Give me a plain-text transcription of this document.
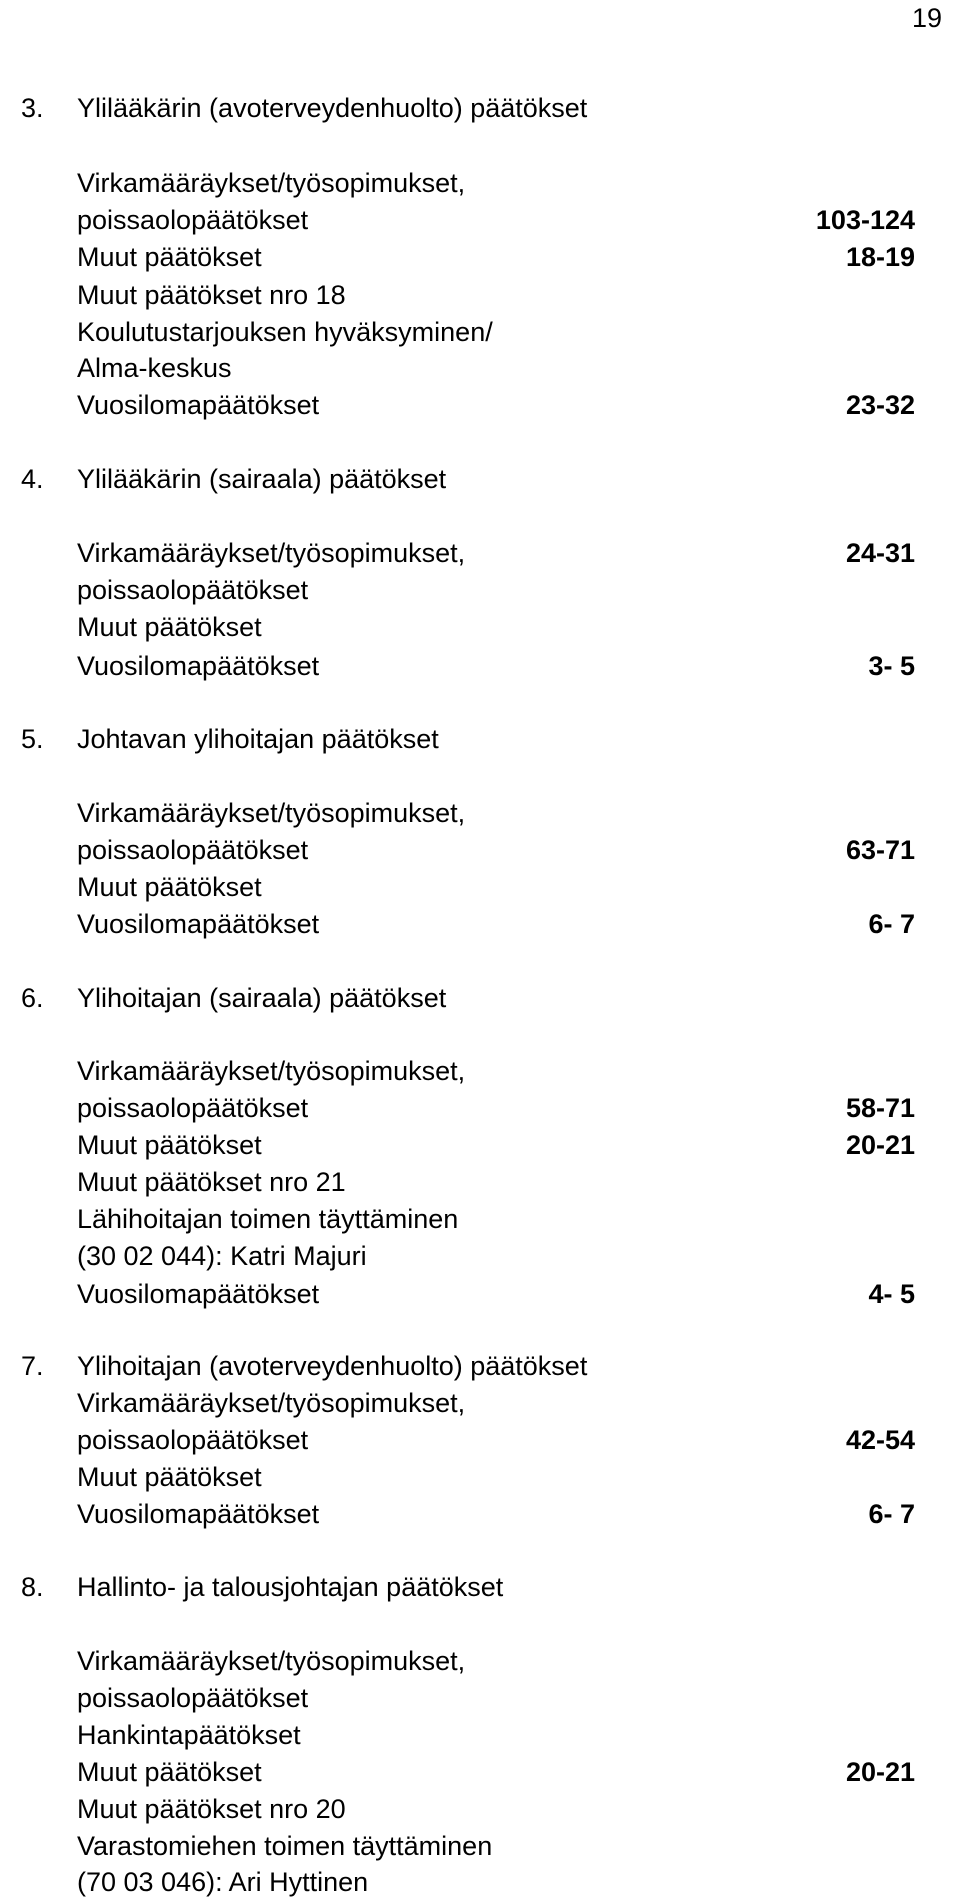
19
3. Ylilääkärin (avoterveydenhuolto) päätökset
Virkamääräykset/työsopimukset,
poissaolopäätökset	103-124
Muut päätökset	18-19
Muut päätökset nro 18
Koulutustarjouksen hyväksyminen/
Alma-keskus
Vuosilomapäätökset	23-32
4. Ylilääkärin (sairaala) päätökset
Virkamääräykset/työsopimukset,	24-31
poissaolopäätökset
Muut päätökset
Vuosilomapäätökset	3- 5
5. Johtavan ylihoitajan päätökset
Virkamääräykset/työsopimukset,
poissaolopäätökset	63-71
Muut päätökset
Vuosilomapäätökset	6- 7
6. Ylihoitajan (sairaala) päätökset
Virkamääräykset/työsopimukset,
poissaolopäätökset	58-71
Muut päätökset	20-21
Muut päätökset nro 21
Lähihoitajan toimen täyttäminen
(30 02 044): Katri Majuri
Vuosilomapäätökset	4- 5
7. Ylihoitajan (avoterveydenhuolto) päätökset
Virkamääräykset/työsopimukset,
poissaolopäätökset	42-54
Muut päätökset
Vuosilomapäätökset	6- 7
8. Hallinto- ja talousjohtajan päätökset
Virkamääräykset/työsopimukset,
poissaolopäätökset
Hankintapäätökset
Muut päätökset	20-21
Muut päätökset nro 20
Varastomiehen toimen täyttäminen
(70 03 046): Ari Hyttinen
